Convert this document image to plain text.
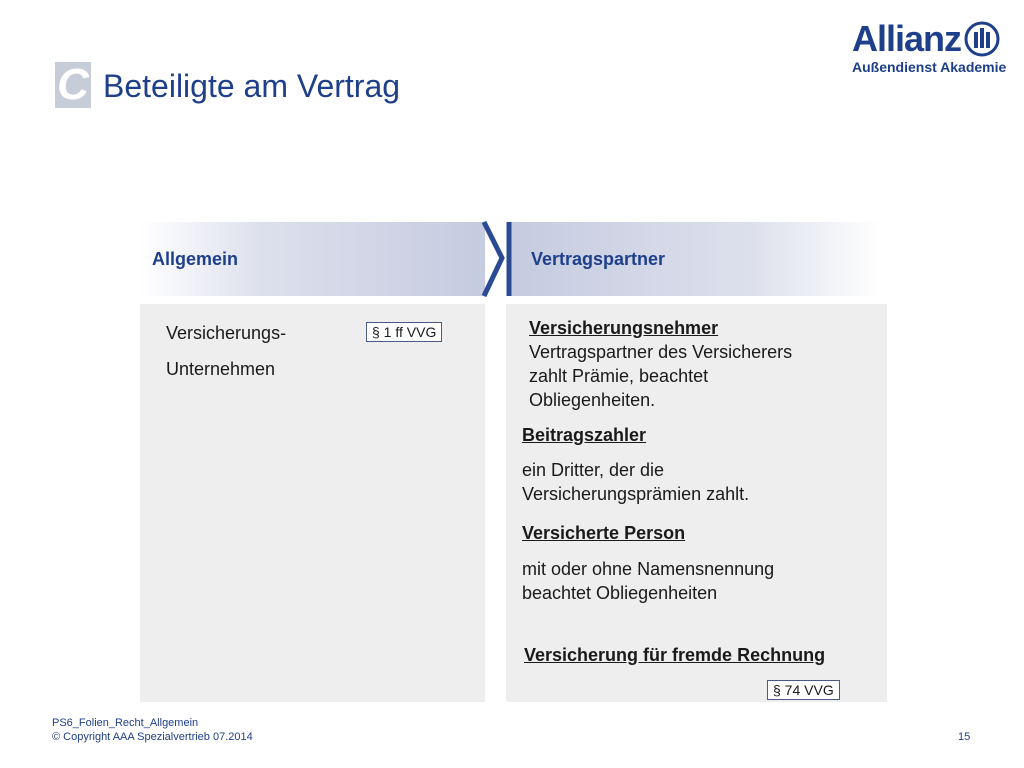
C Beteiligte am Vertrag
Allianz
Außendienst Akademie
Allgemein	Vertragspartner
Versicherungs-
Unternehmen
§ 1 ff VVG	Versicherungsnehmer
Vertragspartner des Versicherers
zahlt Prämie, beachtet
Obliegenheiten.
Beitragszahler
ein Dritter, der die
Versicherungsprämien zahlt.
Versicherte Person
mit oder ohne Namensnennung
beachtet Obliegenheiten
Versicherung für fremde Rechnung
§ 74 VVG
PS6_Folien_Recht_Allgemein
© Copyright AAA Spezialvertrieb 07.2014	15
